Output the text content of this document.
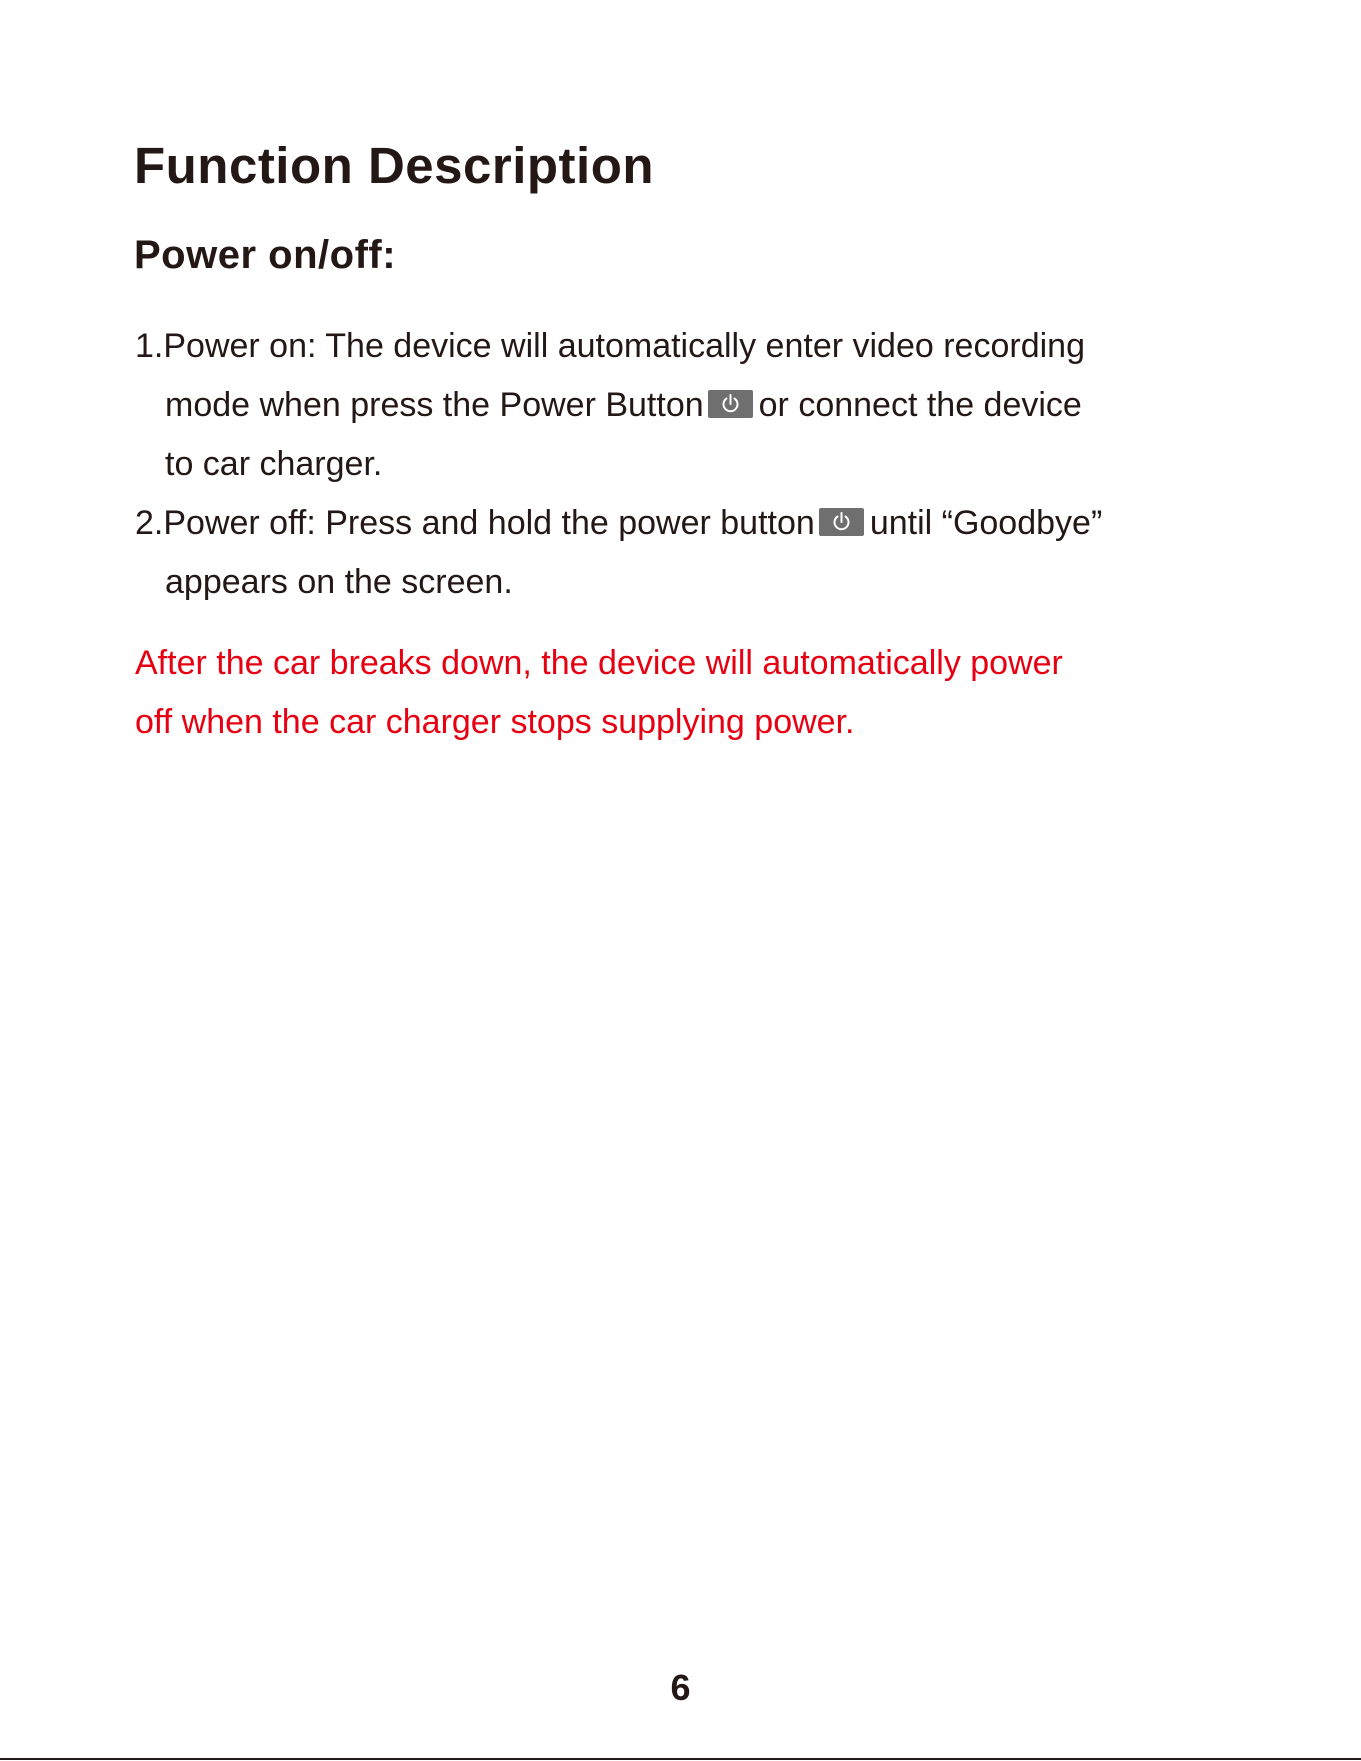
Function Description
Power on/off:

1.Power on: The device will automatically enter video recording

mode when press the Power Button or connect the device

to car charger.

2.Power off: Press and hold the power button until “Goodbye”

appears on the screen.

After the car breaks down, the device will automatically power

off when the car charger stops supplying power.

6
